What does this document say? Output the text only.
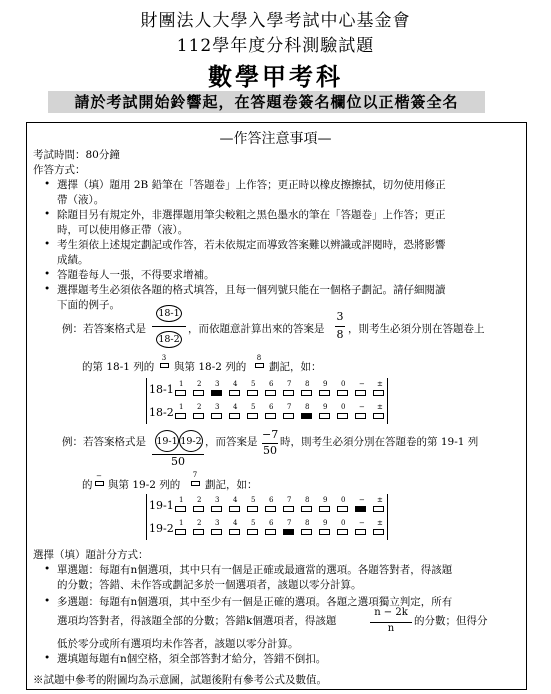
財團法人大學入學考試中心基金會
112學年度分科測驗試題
數學甲考科
請於考試開始鈴響起，在答題卷簽名欄位以正楷簽全名
—作答注意事項—
考試時間：80分鐘
作答方式：
• 選擇（填）題用 2B 鉛筆在「答題卷」上作答；更正時以橡皮擦擦拭，切勿使用修正
帶（液）。
• 除題目另有規定外，非選擇題用筆尖較粗之黑色墨水的筆在「答題卷」上作答；更正
時，可以使用修正帶（液）。
• 考生須依上述規定劃記或作答，若未依規定而導致答案難以辨識或評閱時，恐將影響
成績。
• 答題卷每人一張，不得要求增補。
• 選擇題考生必須依各題的格式填答，且每一個列號只能在一個格子劃記。請仔細閱讀
下面的例子。
例：若答案格式是
18-1
18-2
，而依題意計算出來的答案是
3
8 ，則考生必須分別在答題卷上
的第 18-1 列的
3
與第 18-2 列的
8
劃記，如：
18-1 1 2 3 4 5 6 7 8 9 0 − ±
18-2 1 2 3 4 5 6 7 8 9 0 − ±
例：若答案格式是 19-1 19-2
50
，而答案是
−7
50
時，則考生必須分別在答題卷的第 19-1 列
的
−
與第 19-2 列的
7
劃記，如：
19-1 1 2 3 4 5 6 7 8 9 0 − ±
19-2 1 2 3 4 5 6 7 8 9 0 − ±
選擇（填）題計分方式：
• 單選題：每題有n個選項，其中只有一個是正確或最適當的選項。各題答對者，得該題
的分數；答錯、未作答或劃記多於一個選項者，該題以零分計算。
• 多選題：每題有n個選項，其中至少有一個是正確的選項。各題之選項獨立判定，所有
選項均答對者，得該題全部的分數；答錯k個選項者，得該題
n − 2k
n
的分數；但得分
低於零分或所有選項均未作答者，該題以零分計算。
• 選填題每題有n個空格，須全部答對才給分，答錯不倒扣。
※試題中參考的附圖均為示意圖，試題後附有參考公式及數值。
